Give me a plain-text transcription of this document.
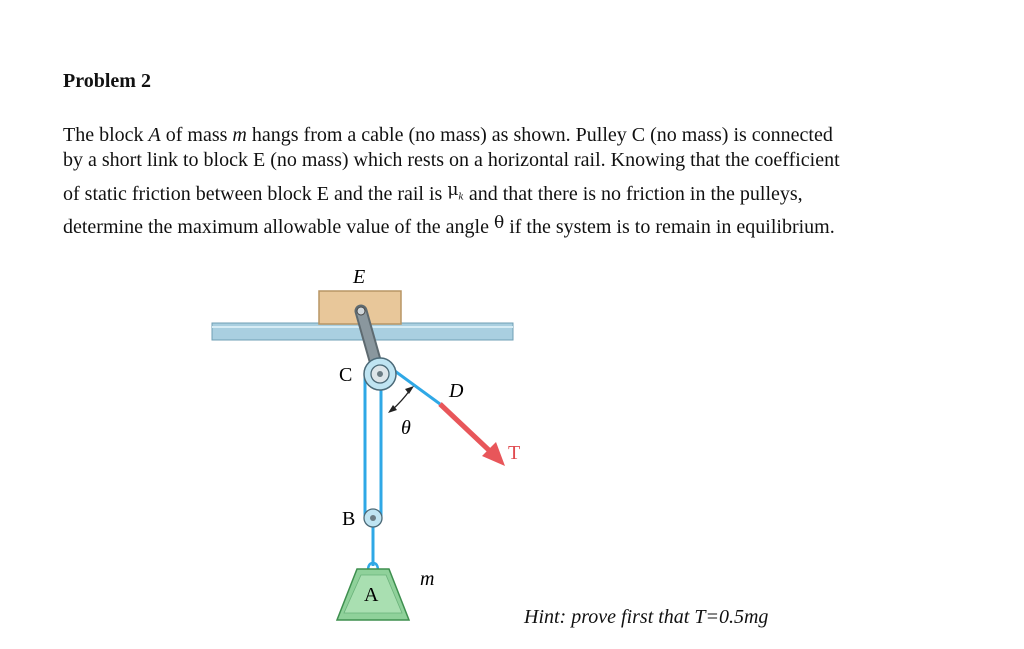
Problem 2

The block A of mass m hangs from a cable (no mass) as shown. Pulley C (no mass) is connected
by a short link to block E (no mass) which rests on a horizontal rail. Knowing that the coefficient
of static friction between block E and the rail is $^{\mu_k}$ and that there is no friction in the pulleys,
determine the maximum allowable value of the angle $^\theta$ if the system is to remain in equilibrium.

E
T
D
θ
C
B
A
m

Hint: prove first that T=0.5mg
